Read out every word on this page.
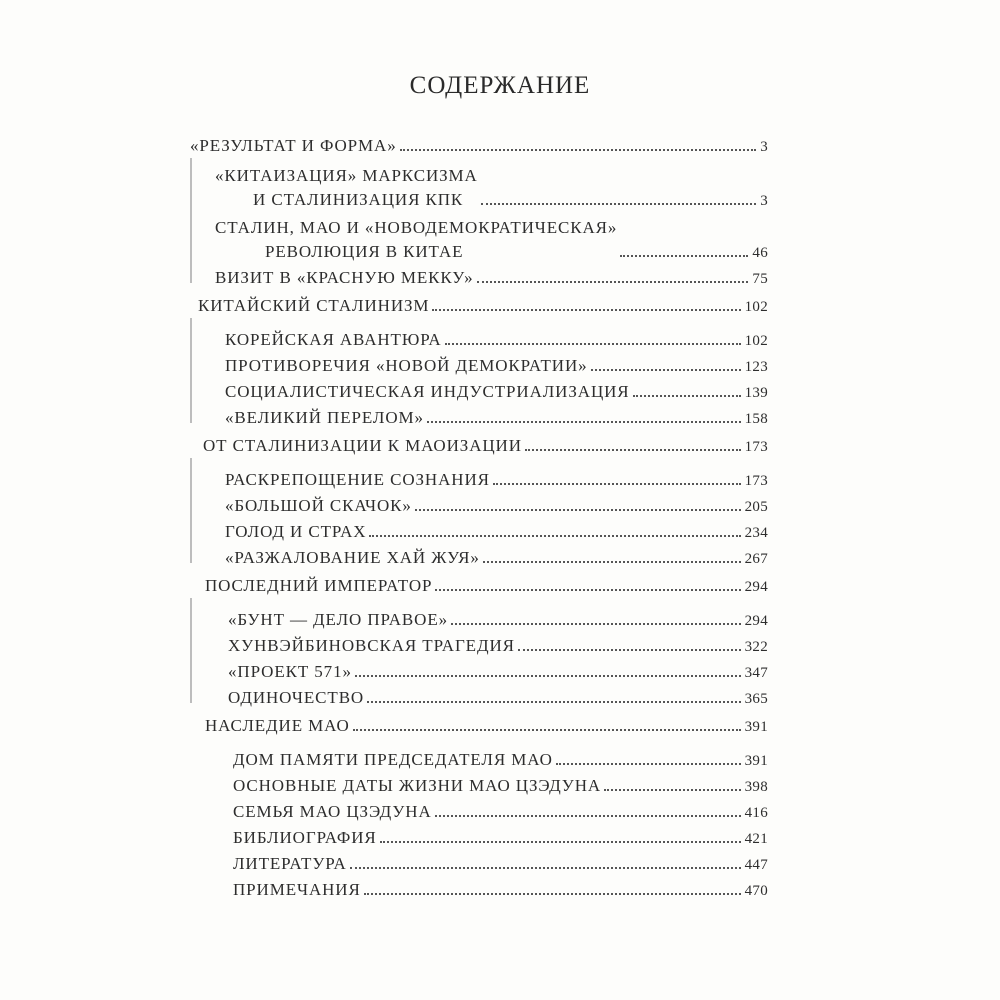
СОДЕРЖАНИЕ
«РЕЗУЛЬТАТ И ФОРМА»	3
«КИТАИЗАЦИЯ» МАРКСИЗМА
И СТАЛИНИЗАЦИЯ КПК	3
СТАЛИН, МАО И «НОВОДЕМОКРАТИЧЕСКАЯ»
РЕВОЛЮЦИЯ В КИТАЕ	46
ВИЗИТ В «КРАСНУЮ МЕККУ»	75
КИТАЙСКИЙ СТАЛИНИЗМ	102
КОРЕЙСКАЯ АВАНТЮРА	102
ПРОТИВОРЕЧИЯ «НОВОЙ ДЕМОКРАТИИ»	123
СОЦИАЛИСТИЧЕСКАЯ ИНДУСТРИАЛИЗАЦИЯ	139
«ВЕЛИКИЙ ПЕРЕЛОМ»	158
ОТ СТАЛИНИЗАЦИИ К МАОИЗАЦИИ	173
РАСКРЕПОЩЕНИЕ СОЗНАНИЯ	173
«БОЛЬШОЙ СКАЧОК»	205
ГОЛОД И СТРАХ	234
«РАЗЖАЛОВАНИЕ ХАЙ ЖУЯ»	267
ПОСЛЕДНИЙ ИМПЕРАТОР	294
«БУНТ — ДЕЛО ПРАВОЕ»	294
ХУНВЭЙБИНОВСКАЯ ТРАГЕДИЯ	322
«ПРОЕКТ 571»	347
ОДИНОЧЕСТВО	365
НАСЛЕДИЕ МАО	391
ДОМ ПАМЯТИ ПРЕДСЕДАТЕЛЯ МАО	391
ОСНОВНЫЕ ДАТЫ ЖИЗНИ МАО ЦЗЭДУНА	398
СЕМЬЯ МАО ЦЗЭДУНА	416
БИБЛИОГРАФИЯ	421
ЛИТЕРАТУРА	447
ПРИМЕЧАНИЯ	470
